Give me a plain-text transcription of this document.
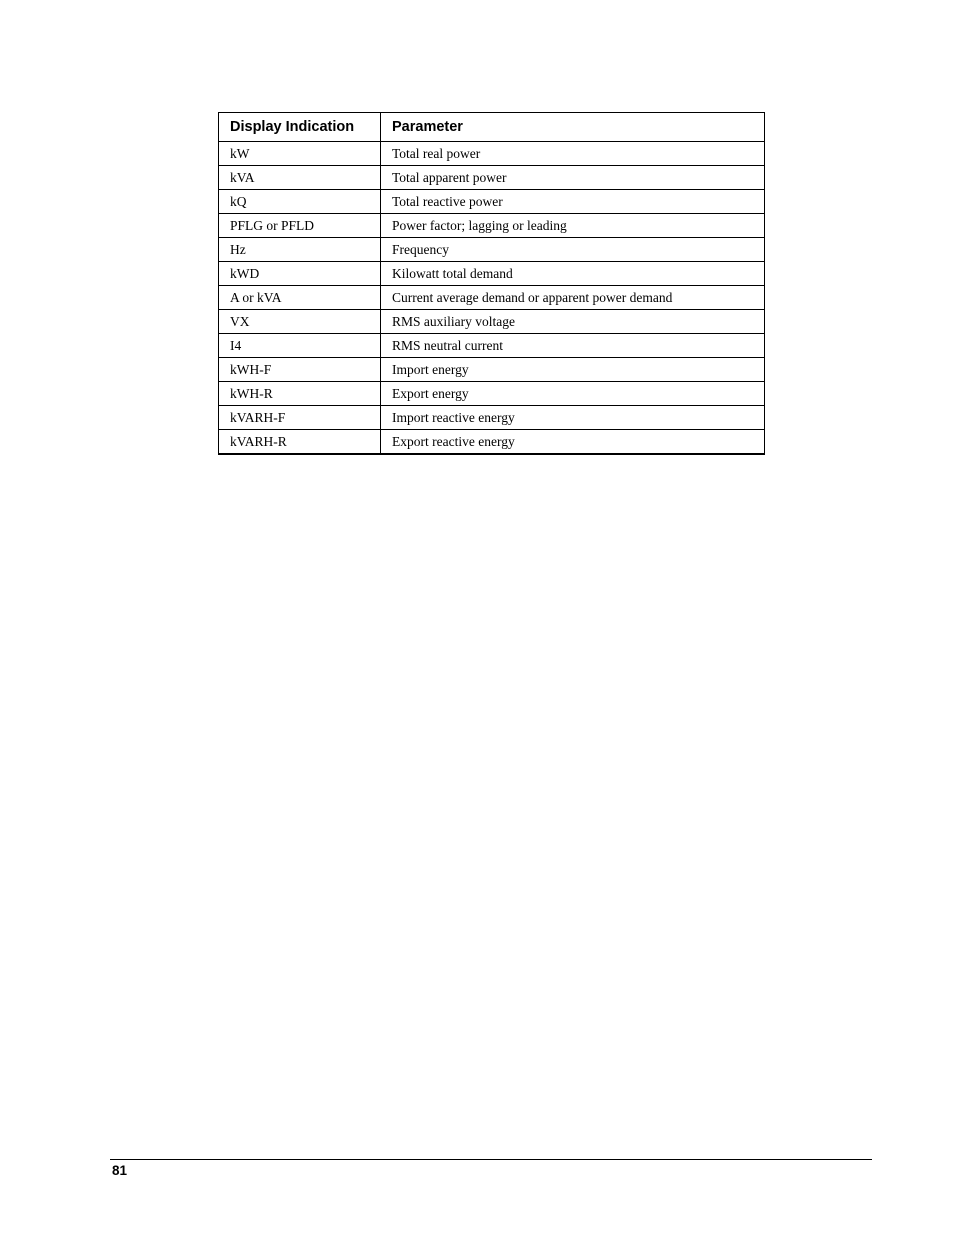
Display Indication	Parameter
kW	Total real power
kVA	Total apparent power
kQ	Total reactive power
PFLG or PFLD	Power factor; lagging or leading
Hz	Frequency
kWD	Kilowatt total demand
A or kVA	Current average demand or apparent power demand
VX	RMS auxiliary voltage
I4	RMS neutral current
kWH-F	Import energy
kWH-R	Export energy
kVARH-F	Import reactive energy
kVARH-R	Export reactive energy
81
